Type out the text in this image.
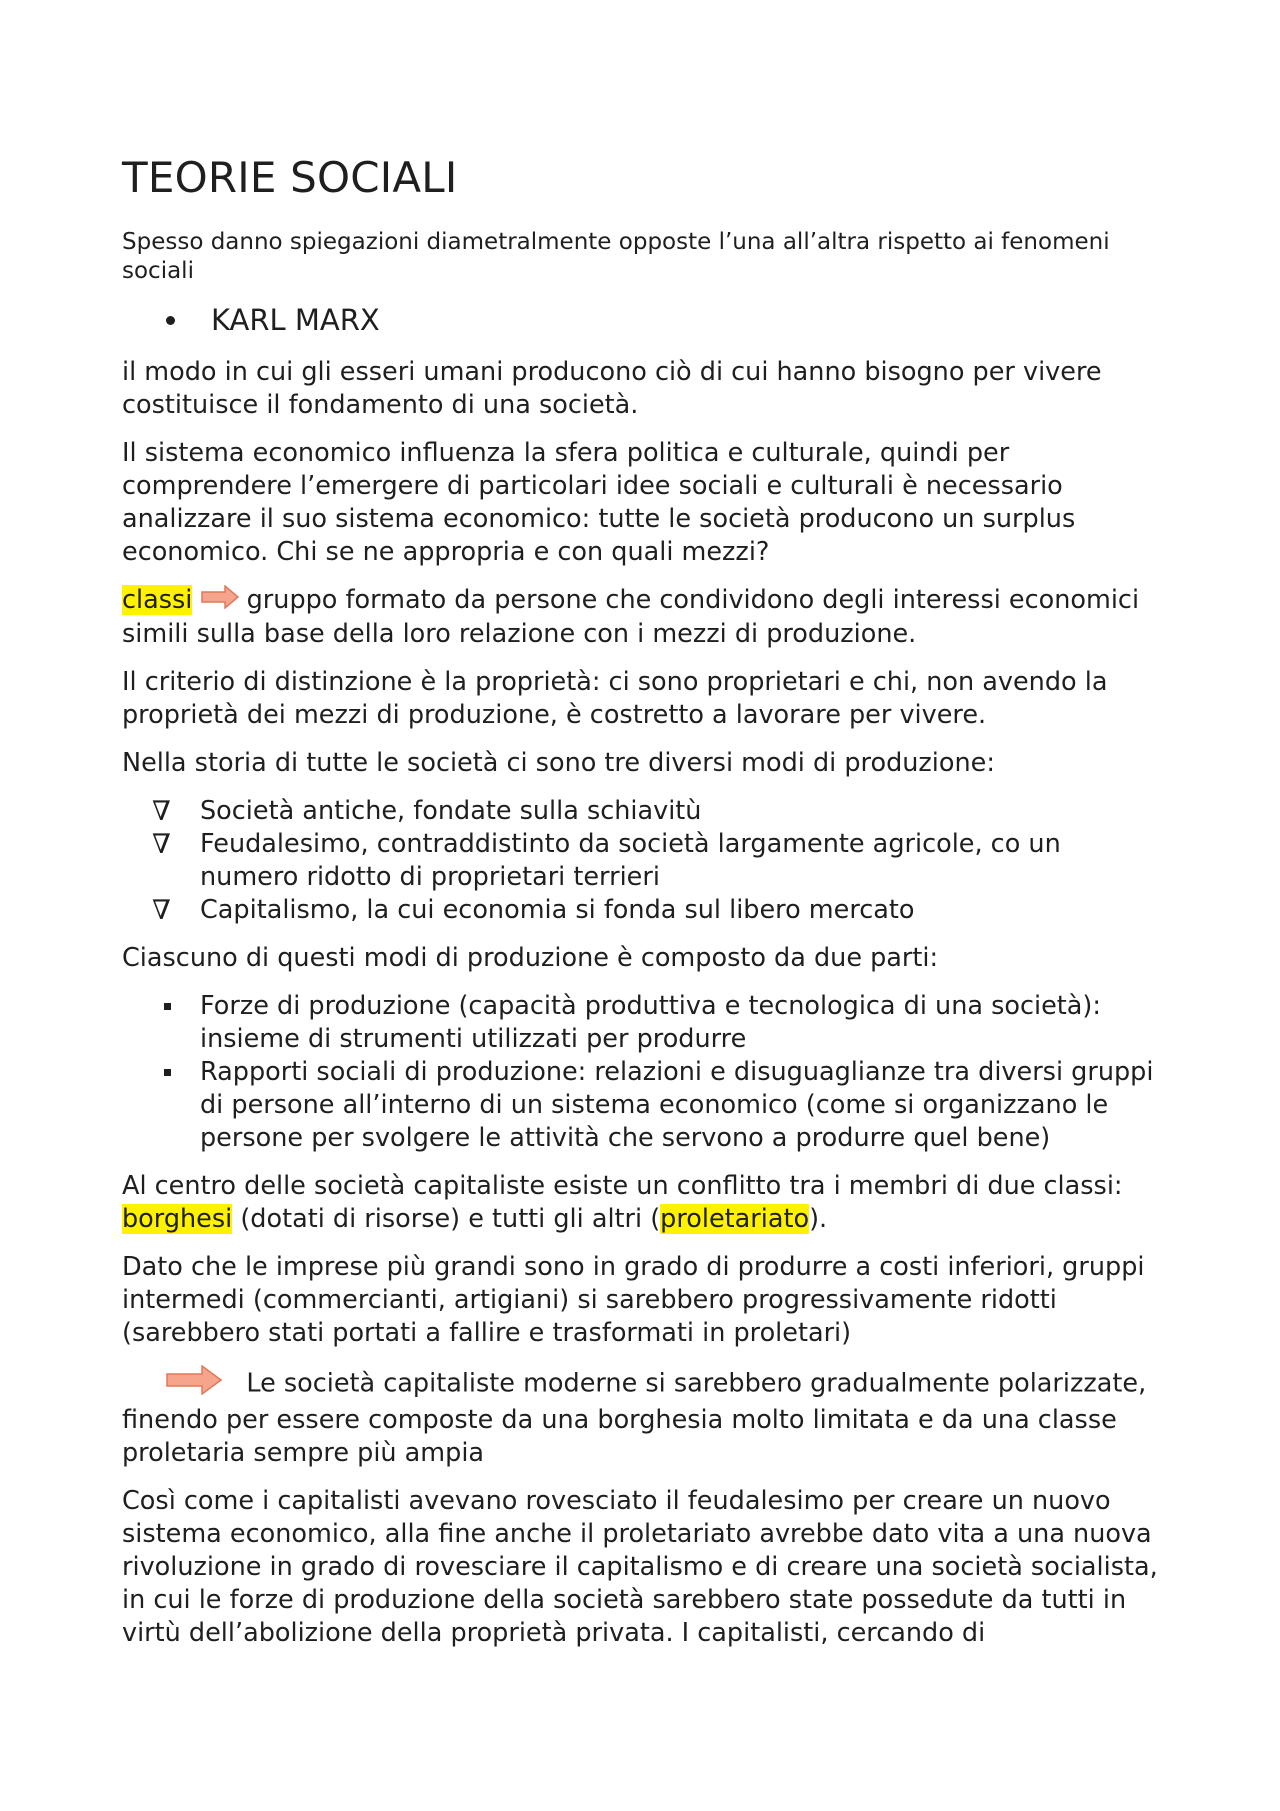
TEORIE SOCIALI

Spesso danno spiegazioni diametralmente opposte l’una all’altra rispetto ai fenomeni sociali

KARL MARX

il modo in cui gli esseri umani producono ciò di cui hanno bisogno per vivere costituisce il fondamento di una società.

Il sistema economico influenza la sfera politica e culturale, quindi per comprendere l’emergere di particolari idee sociali e culturali è necessario analizzare il suo sistema economico: tutte le società producono un surplus economico. Chi se ne appropria e con quali mezzi?

classi  gruppo formato da persone che condividono degli interessi economici simili sulla base della loro relazione con i mezzi di produzione.

Il criterio di distinzione è la proprietà: ci sono proprietari e chi, non avendo la proprietà dei mezzi di produzione, è costretto a lavorare per vivere.

Nella storia di tutte le società ci sono tre diversi modi di produzione:

∇ Società antiche, fondate sulla schiavitù
∇ Feudalesimo, contraddistinto da società largamente agricole, co un numero ridotto di proprietari terrieri
∇ Capitalismo, la cui economia si fonda sul libero mercato

Ciascuno di questi modi di produzione è composto da due parti:

Forze di produzione (capacità produttiva e tecnologica di una società): insieme di strumenti utilizzati per produrre
Rapporti sociali di produzione: relazioni e disuguaglianze tra diversi gruppi di persone all’interno di un sistema economico (come si organizzano le persone per svolgere le attività che servono a produrre quel bene)

Al centro delle società capitaliste esiste un conflitto tra i membri di due classi: borghesi (dotati di risorse) e tutti gli altri (proletariato).

Dato che le imprese più grandi sono in grado di produrre a costi inferiori, gruppi intermedi (commercianti, artigiani) si sarebbero progressivamente ridotti (sarebbero stati portati a fallire e trasformati in proletari)

Le società capitaliste moderne si sarebbero gradualmente polarizzate, finendo per essere composte da una borghesia molto limitata e da una classe proletaria sempre più ampia

Così come i capitalisti avevano rovesciato il feudalesimo per creare un nuovo sistema economico, alla fine anche il proletariato avrebbe dato vita a una nuova rivoluzione in grado di rovesciare il capitalismo e di creare una società socialista, in cui le forze di produzione della società sarebbero state possedute da tutti in virtù dell’abolizione della proprietà privata. I capitalisti, cercando di
